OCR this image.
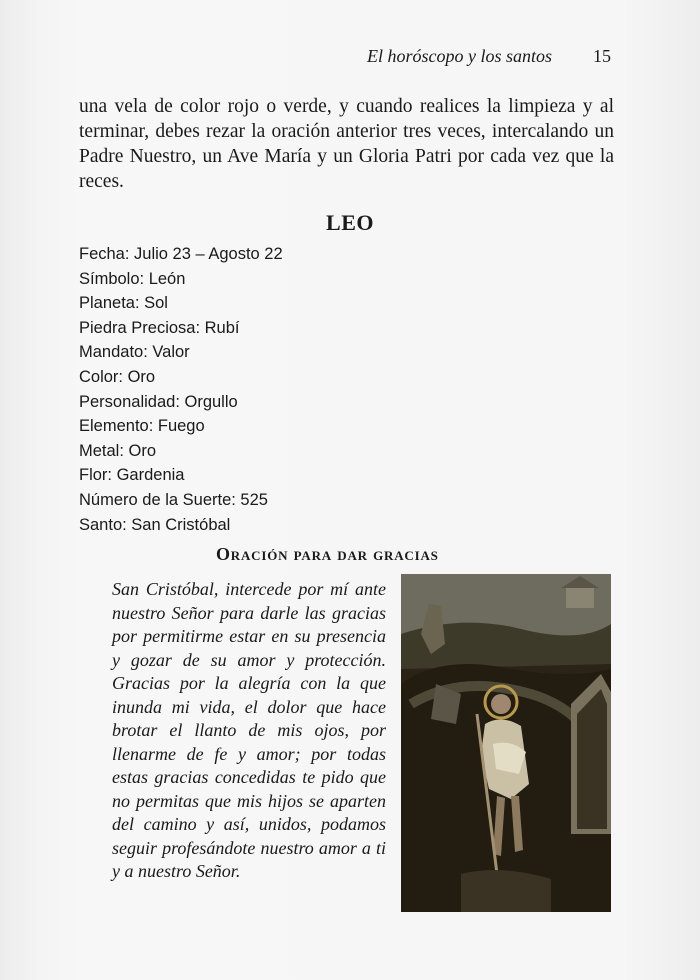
El horóscopo y los santos 15

una vela de color rojo o verde, y cuando realices la limpieza y al terminar, debes rezar la oración anterior tres veces, intercalando un Padre Nuestro, un Ave María y un Gloria Patri por cada vez que la reces.

LEO
Fecha: Julio 23 – Agosto 22
Símbolo: León
Planeta: Sol
Piedra Preciosa: Rubí
Mandato: Valor
Color: Oro
Personalidad: Orgullo
Elemento: Fuego
Metal: Oro
Flor: Gardenia
Número de la Suerte: 525
Santo: San Cristóbal
Oración para dar gracias

San Cristóbal, intercede por mí ante nuestro Señor para darle las gracias por permitirme estar en su presencia y gozar de su amor y protección. Gracias por la alegría con la que inunda mi vida, el dolor que hace brotar el llanto de mis ojos, por llenarme de fe y amor; por todas estas gracias concedidas te pido que no permitas que mis hijos se aparten del camino y así, unidos, podamos seguir profesándote nuestro amor a ti y a nuestro Señor.
